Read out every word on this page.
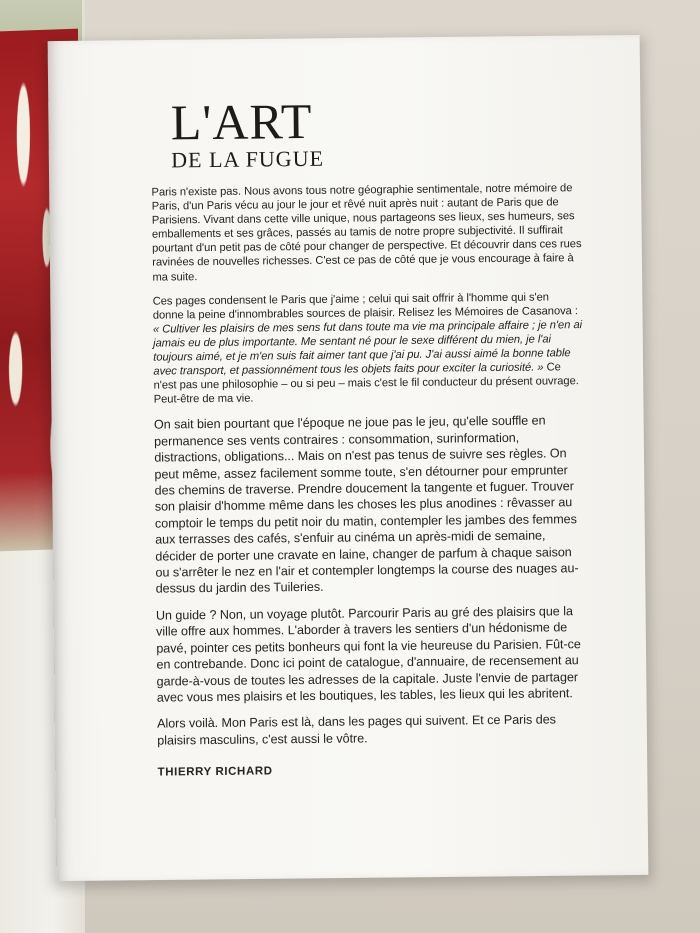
L'ART
DE LA FUGUE

Paris n'existe pas. Nous avons tous notre géographie sentimentale, notre mémoire de Paris, d'un Paris vécu au jour le jour et rêvé nuit après nuit : autant de Paris que de Parisiens. Vivant dans cette ville unique, nous partageons ses lieux, ses humeurs, ses emballements et ses grâces, passés au tamis de notre propre subjectivité. Il suffirait pourtant d'un petit pas de côté pour changer de perspective. Et découvrir dans ces rues ravinées de nouvelles richesses. C'est ce pas de côté que je vous encourage à faire à ma suite.

Ces pages condensent le Paris que j'aime ; celui qui sait offrir à l'homme qui s'en donne la peine d'innombrables sources de plaisir. Relisez les Mémoires de Casanova : « Cultiver les plaisirs de mes sens fut dans toute ma vie ma principale affaire ; je n'en ai jamais eu de plus importante. Me sentant né pour le sexe différent du mien, je l'ai toujours aimé, et je m'en suis fait aimer tant que j'ai pu. J'ai aussi aimé la bonne table avec transport, et passionnément tous les objets faits pour exciter la curiosité. » Ce n'est pas une philosophie – ou si peu – mais c'est le fil conducteur du présent ouvrage. Peut-être de ma vie.

On sait bien pourtant que l'époque ne joue pas le jeu, qu'elle souffle en permanence ses vents contraires : consommation, surinformation, distractions, obligations... Mais on n'est pas tenus de suivre ses règles. On peut même, assez facilement somme toute, s'en détourner pour emprunter des chemins de traverse. Prendre doucement la tangente et fuguer. Trouver son plaisir d'homme même dans les choses les plus anodines : rêvasser au comptoir le temps du petit noir du matin, contempler les jambes des femmes aux terrasses des cafés, s'enfuir au cinéma un après-midi de semaine, décider de porter une cravate en laine, changer de parfum à chaque saison ou s'arrêter le nez en l'air et contempler longtemps la course des nuages au-dessus du jardin des Tuileries.

Un guide ? Non, un voyage plutôt. Parcourir Paris au gré des plaisirs que la ville offre aux hommes. L'aborder à travers les sentiers d'un hédonisme de pavé, pointer ces petits bonheurs qui font la vie heureuse du Parisien. Fût-ce en contrebande. Donc ici point de catalogue, d'annuaire, de recensement au garde-à-vous de toutes les adresses de la capitale. Juste l'envie de partager avec vous mes plaisirs et les boutiques, les tables, les lieux qui les abritent.

Alors voilà. Mon Paris est là, dans les pages qui suivent. Et ce Paris des plaisirs masculins, c'est aussi le vôtre.

THIERRY RICHARD
